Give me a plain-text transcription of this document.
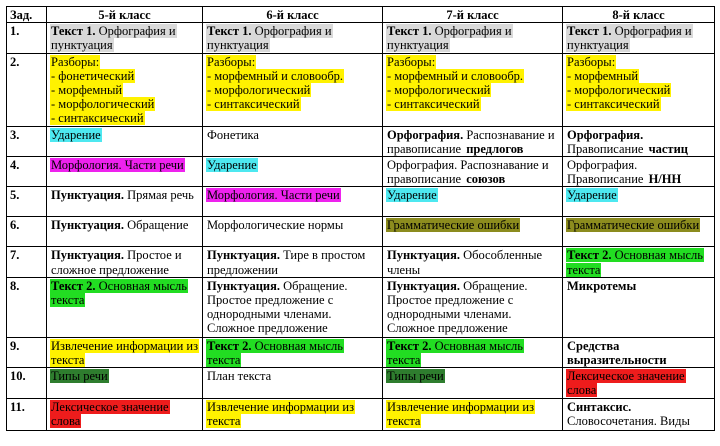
Зад.	5-й класс	6-й класс	7-й класс	8-й класс
1.	Текст 1. Орфография и пунктуация	Текст 1. Орфография и пунктуация	Текст 1. Орфография и пунктуация	Текст 1. Орфография и пунктуация
2.	Разборы:
- фонетический
- морфемный
- морфологический
- синтаксический	Разборы:
- морфемный и словообр.
- морфологический
- синтаксический	Разборы:
- морфемный и словообр.
- морфологический
- синтаксический	Разборы:
- морфемный
- морфологический
- синтаксический

3.	Ударение	Фонетика	Орфография. Распознавание и правописание предлогов	Орфография. Правописание частиц
4.	Морфология. Части речи	Ударение	Орфография. Распознавание и правописание союзов	Орфография. Правописание Н/НН
5.	Пунктуация. Прямая речь	Морфология. Части речи	Ударение	Ударение
6.	Пунктуация. Обращение	Морфологические нормы	Грамматические ошибки	Грамматические ошибки
7.	Пунктуация. Простое и сложное предложение	Пунктуация. Тире в простом предложении	Пунктуация. Обособленные члены	Текст 2. Основная мысль текста
8.	Текст 2. Основная мысль текста	Пунктуация. Обращение. Простое предложение с однородными членами. Сложное предложение	Пунктуация. Обращение. Простое предложение с однородными членами. Сложное предложение	Микротемы
9.	Извлечение информации из текста	Текст 2. Основная мысль текста	Текст 2. Основная мысль текста	Средства выразительности
10.	Типы речи	План текста	Типы речи	Лексическое значение слова
11.	Лексическое значение слова	Извлечение информации из текста	Извлечение информации из текста	Синтаксис. Словосочетания. Виды
